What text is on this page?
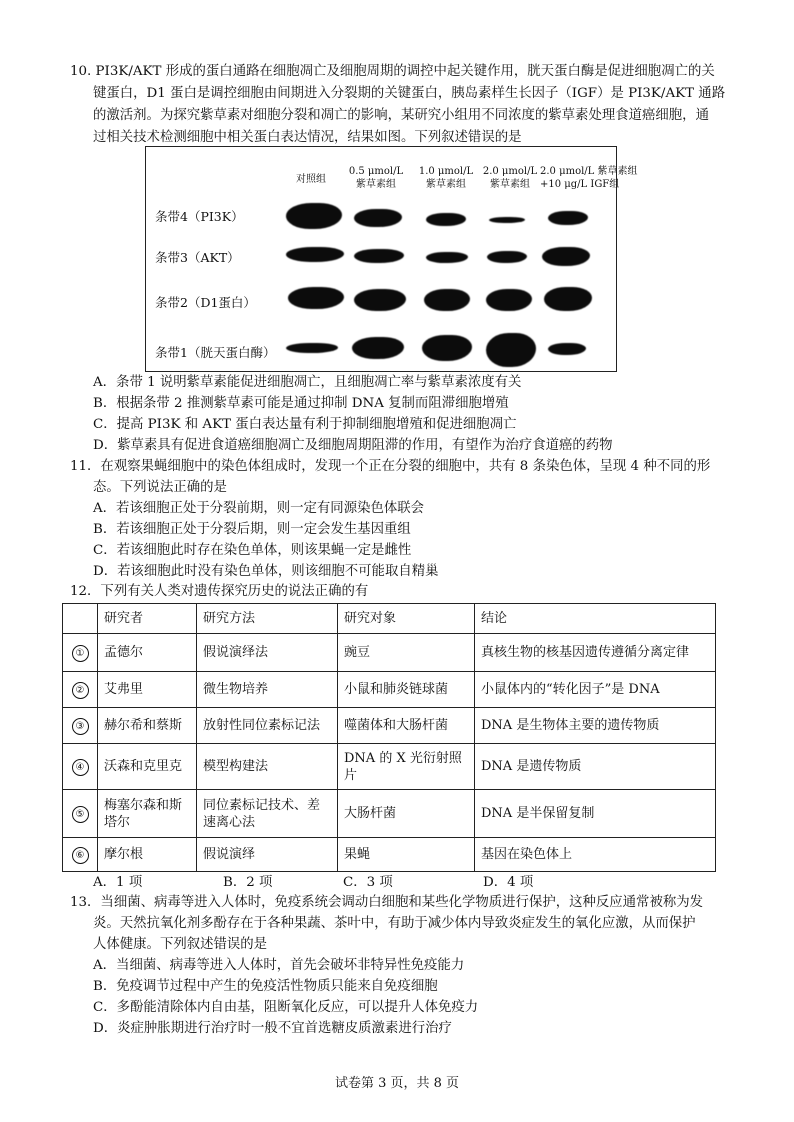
10. PI3K/AKT 形成的蛋白通路在细胞凋亡及细胞周期的调控中起关键作用，胱天蛋白酶是促进细胞凋亡的关
键蛋白，D1 蛋白是调控细胞由间期进入分裂期的关键蛋白，胰岛素样生长因子（IGF）是 PI3K/AKT 通路
的激活剂。为探究紫草素对细胞分裂和凋亡的影响，某研究小组用不同浓度的紫草素处理食道癌细胞，通
过相关技术检测细胞中相关蛋白表达情况，结果如图。下列叙述错误的是
对照组
0.5 μmol/L
紫草素组
1.0 μmol/L
紫草素组
2.0 μmol/L
紫草素组
2.0 μmol/L 紫草素组
+10 μg/L IGF组
条带4（PI3K）
条带3（AKT）
条带2（D1蛋白）
条带1（胱天蛋白酶）
A．条带 1 说明紫草素能促进细胞凋亡，且细胞凋亡率与紫草素浓度有关
B．根据条带 2 推测紫草素可能是通过抑制 DNA 复制而阻滞细胞增殖
C．提高 PI3K 和 AKT 蛋白表达量有利于抑制细胞增殖和促进细胞凋亡
D．紫草素具有促进食道癌细胞凋亡及细胞周期阻滞的作用，有望作为治疗食道癌的药物
11．在观察果蝇细胞中的染色体组成时，发现一个正在分裂的细胞中，共有 8 条染色体，呈现 4 种不同的形
态。下列说法正确的是
A．若该细胞正处于分裂前期，则一定有同源染色体联会
B．若该细胞正处于分裂后期，则一定会发生基因重组
C．若该细胞此时存在染色单体，则该果蝇一定是雌性
D．若该细胞此时没有染色单体，则该细胞不可能取自精巢
12．下列有关人类对遗传探究历史的说法正确的有
	研究者	研究方法	研究对象	结论
①	孟德尔	假说演绎法	豌豆	真核生物的核基因遗传遵循分离定律
②	艾弗里	微生物培养	小鼠和肺炎链球菌	小鼠体内的“转化因子”是 DNA
③	赫尔希和蔡斯	放射性同位素标记法	噬菌体和大肠杆菌	DNA 是生物体主要的遗传物质
④	沃森和克里克	模型构建法	DNA 的 X 光衍射照片	DNA 是遗传物质
⑤	梅塞尔森和斯塔尔	同位素标记技术、差速离心法	大肠杆菌	DNA 是半保留复制
⑥	摩尔根	假说演绎	果蝇	基因在染色体上
A．1 项	B．2 项	C．3 项	D．4 项
13．当细菌、病毒等进入人体时，免疫系统会调动白细胞和某些化学物质进行保护，这种反应通常被称为发
炎。天然抗氧化剂多酚存在于各种果蔬、茶叶中，有助于减少体内导致炎症发生的氧化应激，从而保护
人体健康。下列叙述错误的是
A．当细菌、病毒等进入人体时，首先会破坏非特异性免疫能力
B．免疫调节过程中产生的免疫活性物质只能来自免疫细胞
C．多酚能清除体内自由基，阻断氧化反应，可以提升人体免疫力
D．炎症肿胀期进行治疗时一般不宜首选糖皮质激素进行治疗
试卷第 3 页，共 8 页
